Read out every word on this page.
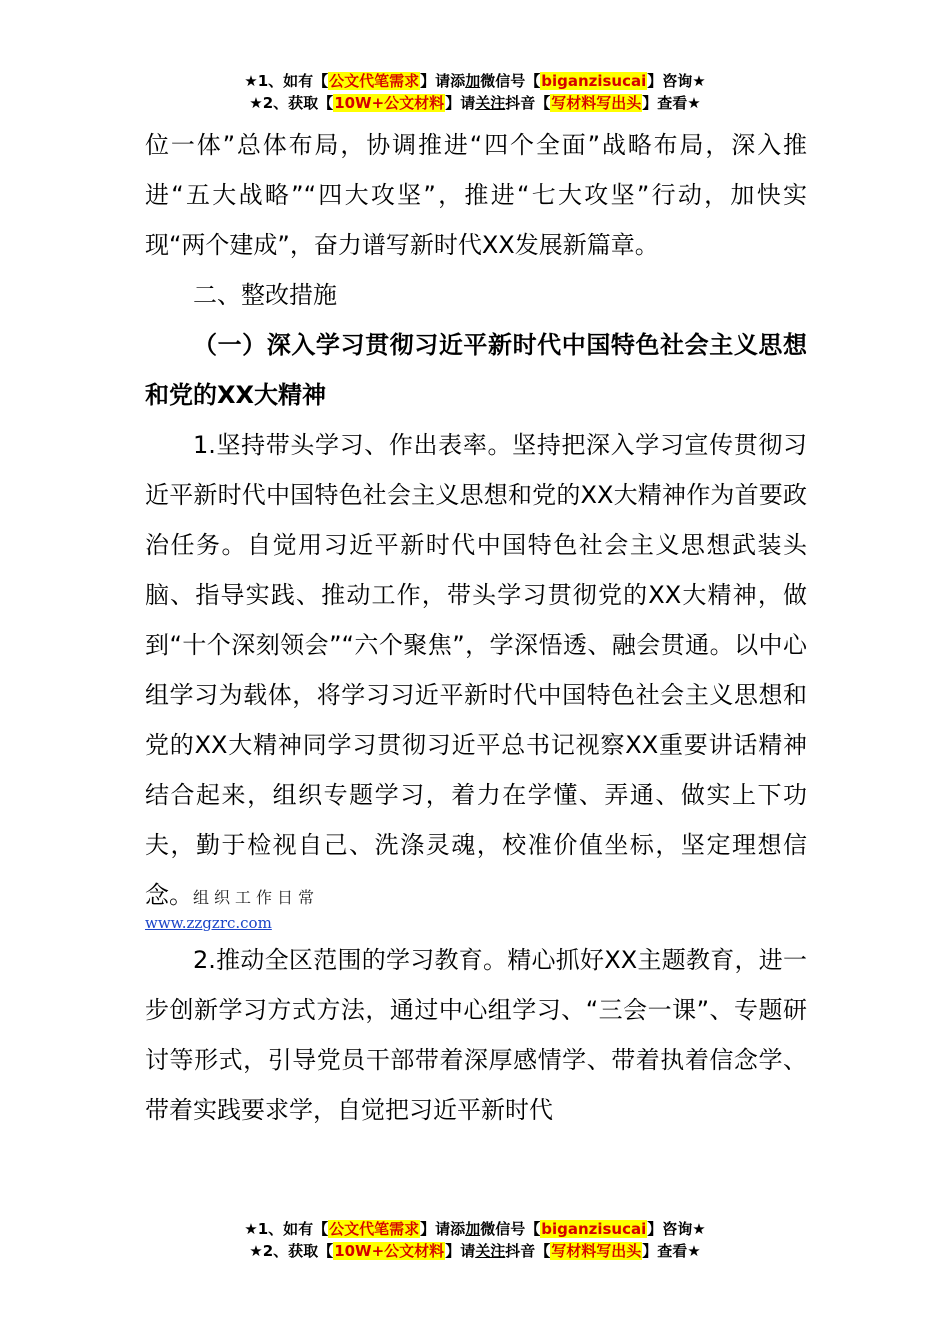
★1、如有【公文代笔需求】请添加微信号【biganzisucai】咨询★
★2、获取【10W+公文材料】请关注抖音【写材料写出头】查看★

位一体”总体布局，协调推进“四个全面”战略布局，深入推进“五大战略”“四大攻坚”，推进“七大攻坚”行动，加快实现“两个建成”，奋力谱写新时代XX发展新篇章。

二、整改措施

（一）深入学习贯彻习近平新时代中国特色社会主义思想和党的XX大精神

1.坚持带头学习、作出表率。坚持把深入学习宣传贯彻习近平新时代中国特色社会主义思想和党的XX大精神作为首要政治任务。自觉用习近平新时代中国特色社会主义思想武装头脑、指导实践、推动工作，带头学习贯彻党的XX大精神，做到“十个深刻领会”“六个聚焦”，学深悟透、融会贯通。以中心组学习为载体，将学习习近平新时代中国特色社会主义思想和党的XX大精神同学习贯彻习近平总书记视察XX重要讲话精神结合起来，组织专题学习，着力在学懂、弄通、做实上下功夫，勤于检视自己、洗涤灵魂，校准价值坐标，坚定理想信念。组织工作日常

www.zzgzrc.com

2.推动全区范围的学习教育。精心抓好XX主题教育，进一步创新学习方式方法，通过中心组学习、“三会一课”、专题研讨等形式，引导党员干部带着深厚感情学、带着执着信念学、带着实践要求学，自觉把习近平新时代

★1、如有【公文代笔需求】请添加微信号【biganzisucai】咨询★
★2、获取【10W+公文材料】请关注抖音【写材料写出头】查看★
